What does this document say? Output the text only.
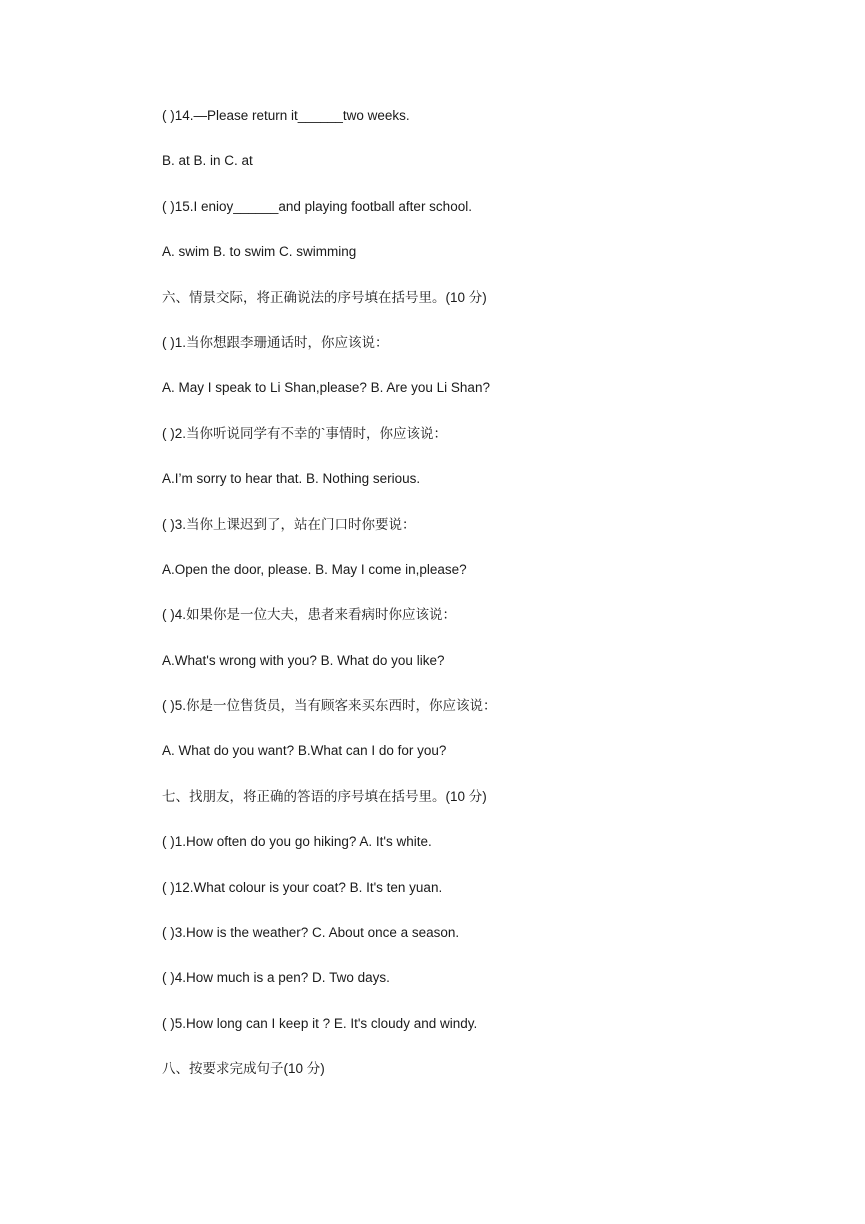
( )14.—Please return it______two weeks.
B. at B. in C. at
( )15.I enioy______and playing football after school.
A. swim B. to swim C. swimming
六、情景交际，将正确说法的序号填在括号里。(10 分)
( )1.当你想跟李珊通话时，你应该说：
A. May I speak to Li Shan,please? B. Are you Li Shan?
( )2.当你听说同学有不幸的`事情时，你应该说：
A.I’m sorry to hear that. B. Nothing serious.
( )3.当你上课迟到了，站在门口时你要说：
A.Open the door, please. B. May I come in,please?
( )4.如果你是一位大夫，患者来看病时你应该说：
A.What's wrong with you? B. What do you like?
( )5.你是一位售货员，当有顾客来买东西时，你应该说：
A. What do you want? B.What can I do for you?
七、找朋友，将正确的答语的序号填在括号里。(10 分)
( )1.How often do you go hiking? A. It's white.
( )12.What colour is your coat? B. It's ten yuan.
( )3.How is the weather? C. About once a season.
( )4.How much is a pen? D. Two days.
( )5.How long can I keep it ? E. It's cloudy and windy.
八、按要求完成句子(10 分)
